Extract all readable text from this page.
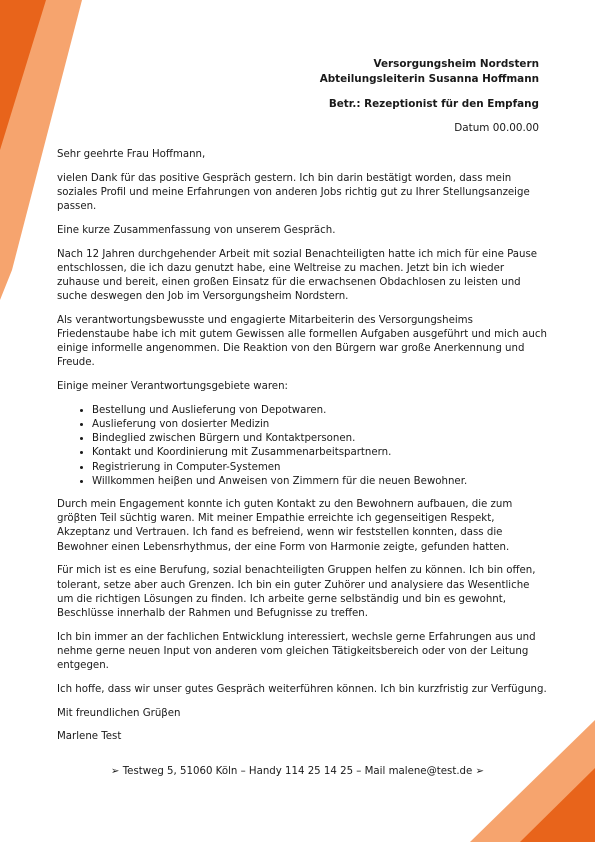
Versorgungsheim Nordstern
Abteilungsleiterin Susanna Hoffmann
Betr.: Rezeptionist für den Empfang
Datum 00.00.00

Sehr geehrte Frau Hoffmann,

vielen Dank für das positive Gespräch gestern. Ich bin darin bestätigt worden, dass mein soziales Profil und meine Erfahrungen von anderen Jobs richtig gut zu Ihrer Stellungsanzeige passen.

Eine kurze Zusammenfassung von unserem Gespräch.

Nach 12 Jahren durchgehender Arbeit mit sozial Benachteiligten hatte ich mich für eine Pause entschlossen, die ich dazu genutzt habe, eine Weltreise zu machen. Jetzt bin ich wieder zuhause und bereit, einen großen Einsatz für die erwachsenen Obdachlosen zu leisten und suche deswegen den Job im Versorgungsheim Nordstern.

Als verantwortungsbewusste und engagierte Mitarbeiterin des Versorgungsheims Friedenstaube habe ich mit gutem Gewissen alle formellen Aufgaben ausgeführt und mich auch einige informelle angenommen. Die Reaktion von den Bürgern war große Anerkennung und Freude.

Einige meiner Verantwortungsgebiete waren:

• Bestellung und Auslieferung von Depotwaren.
• Auslieferung von dosierter Medizin
• Bindeglied zwischen Bürgern und Kontaktpersonen.
• Kontakt und Koordinierung mit Zusammenarbeitspartnern.
• Registrierung in Computer-Systemen
• Willkommen heiβen und Anweisen von Zimmern für die neuen Bewohner.

Durch mein Engagement konnte ich guten Kontakt zu den Bewohnern aufbauen, die zum gröβten Teil süchtig waren. Mit meiner Empathie erreichte ich gegenseitigen Respekt, Akzeptanz und Vertrauen. Ich fand es befreiend, wenn wir feststellen konnten, dass die Bewohner einen Lebensrhythmus, der eine Form von Harmonie zeigte, gefunden hatten.

Für mich ist es eine Berufung, sozial benachteiligten Gruppen helfen zu können. Ich bin offen, tolerant, setze aber auch Grenzen. Ich bin ein guter Zuhörer und analysiere das Wesentliche um die richtigen Lösungen zu finden. Ich arbeite gerne selbständig und bin es gewohnt, Beschlüsse innerhalb der Rahmen und Befugnisse zu treffen.

Ich bin immer an der fachlichen Entwicklung interessiert, wechsle gerne Erfahrungen aus und nehme gerne neuen Input von anderen vom gleichen Tätigkeitsbereich oder von der Leitung entgegen.

Ich hoffe, dass wir unser gutes Gespräch weiterführen können. Ich bin kurzfristig zur Verfügung.

Mit freundlichen Grüβen

Marlene Test

➢ Testweg 5, 51060 Köln – Handy 114 25 14 25 – Mail malene@test.de ➢
